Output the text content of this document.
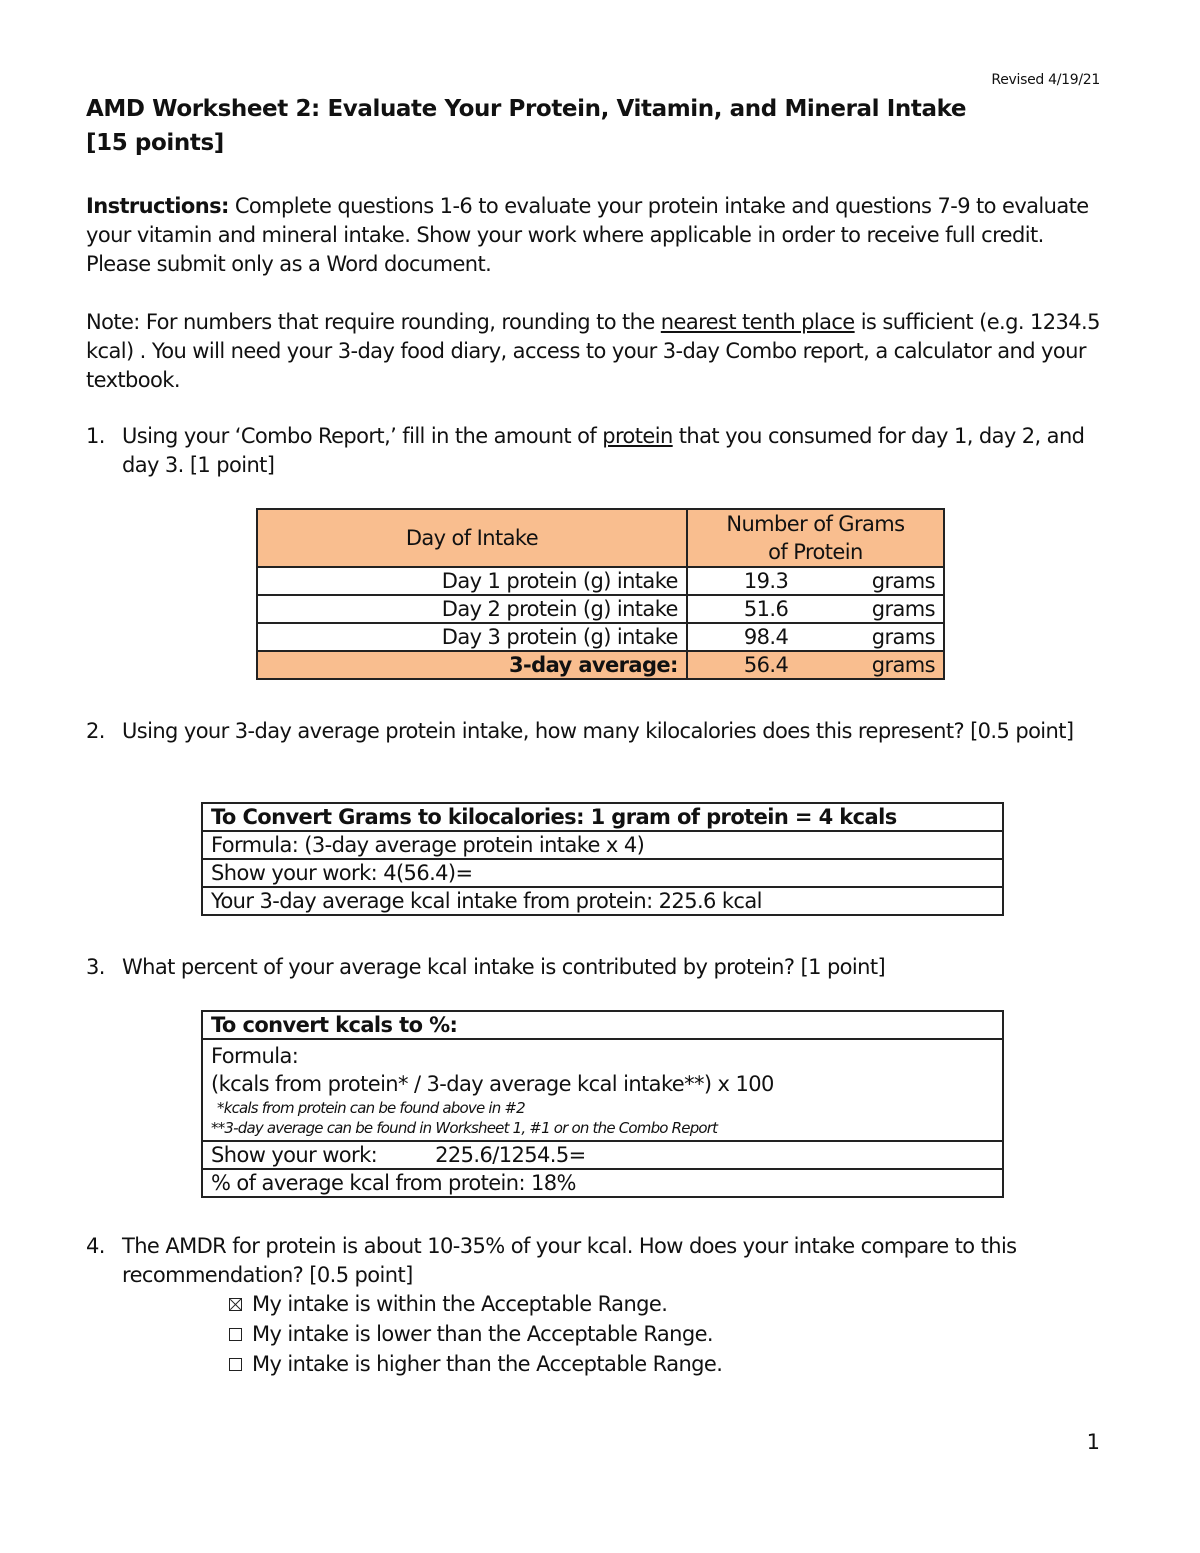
Revised 4/19/21
AMD Worksheet 2: Evaluate Your Protein, Vitamin, and Mineral Intake
[15 points]
Instructions: Complete questions 1-6 to evaluate your protein intake and questions 7-9 to evaluate your vitamin and mineral intake. Show your work where applicable in order to receive full credit. Please submit only as a Word document.
Note: For numbers that require rounding, rounding to the nearest tenth place is sufficient (e.g. 1234.5 kcal) . You will need your 3-day food diary, access to your 3-day Combo report, a calculator and your textbook.
1. Using your ‘Combo Report,’ fill in the amount of protein that you consumed for day 1, day 2, and day 3. [1 point]
Day of Intake	Number of Grams
of Protein

Day 1 protein (g) intake	19.3 grams

Day 2 protein (g) intake	51.6 grams

Day 3 protein (g) intake	98.4 grams

3-day average:	56.4 grams
2. Using your 3-day average protein intake, how many kilocalories does this represent? [0.5 point]
To Convert Grams to kilocalories: 1 gram of protein = 4 kcals
Formula: (3-day average protein intake x 4)
Show your work: 4(56.4)=
Your 3-day average kcal intake from protein: 225.6 kcal
3. What percent of your average kcal intake is contributed by protein? [1 point]
To convert kcals to %:

Formula:
(kcals from protein* / 3-day average kcal intake**) x 100
*kcals from protein can be found above in #2
**3-day average can be found in Worksheet 1, #1 or on the Combo Report

Show your work:	225.6/1254.5=
% of average kcal from protein: 18%
4. The AMDR for protein is about 10-35% of your kcal. How does your intake compare to this recommendation? [0.5 point]
My intake is within the Acceptable Range.
My intake is lower than the Acceptable Range.
My intake is higher than the Acceptable Range.
1
